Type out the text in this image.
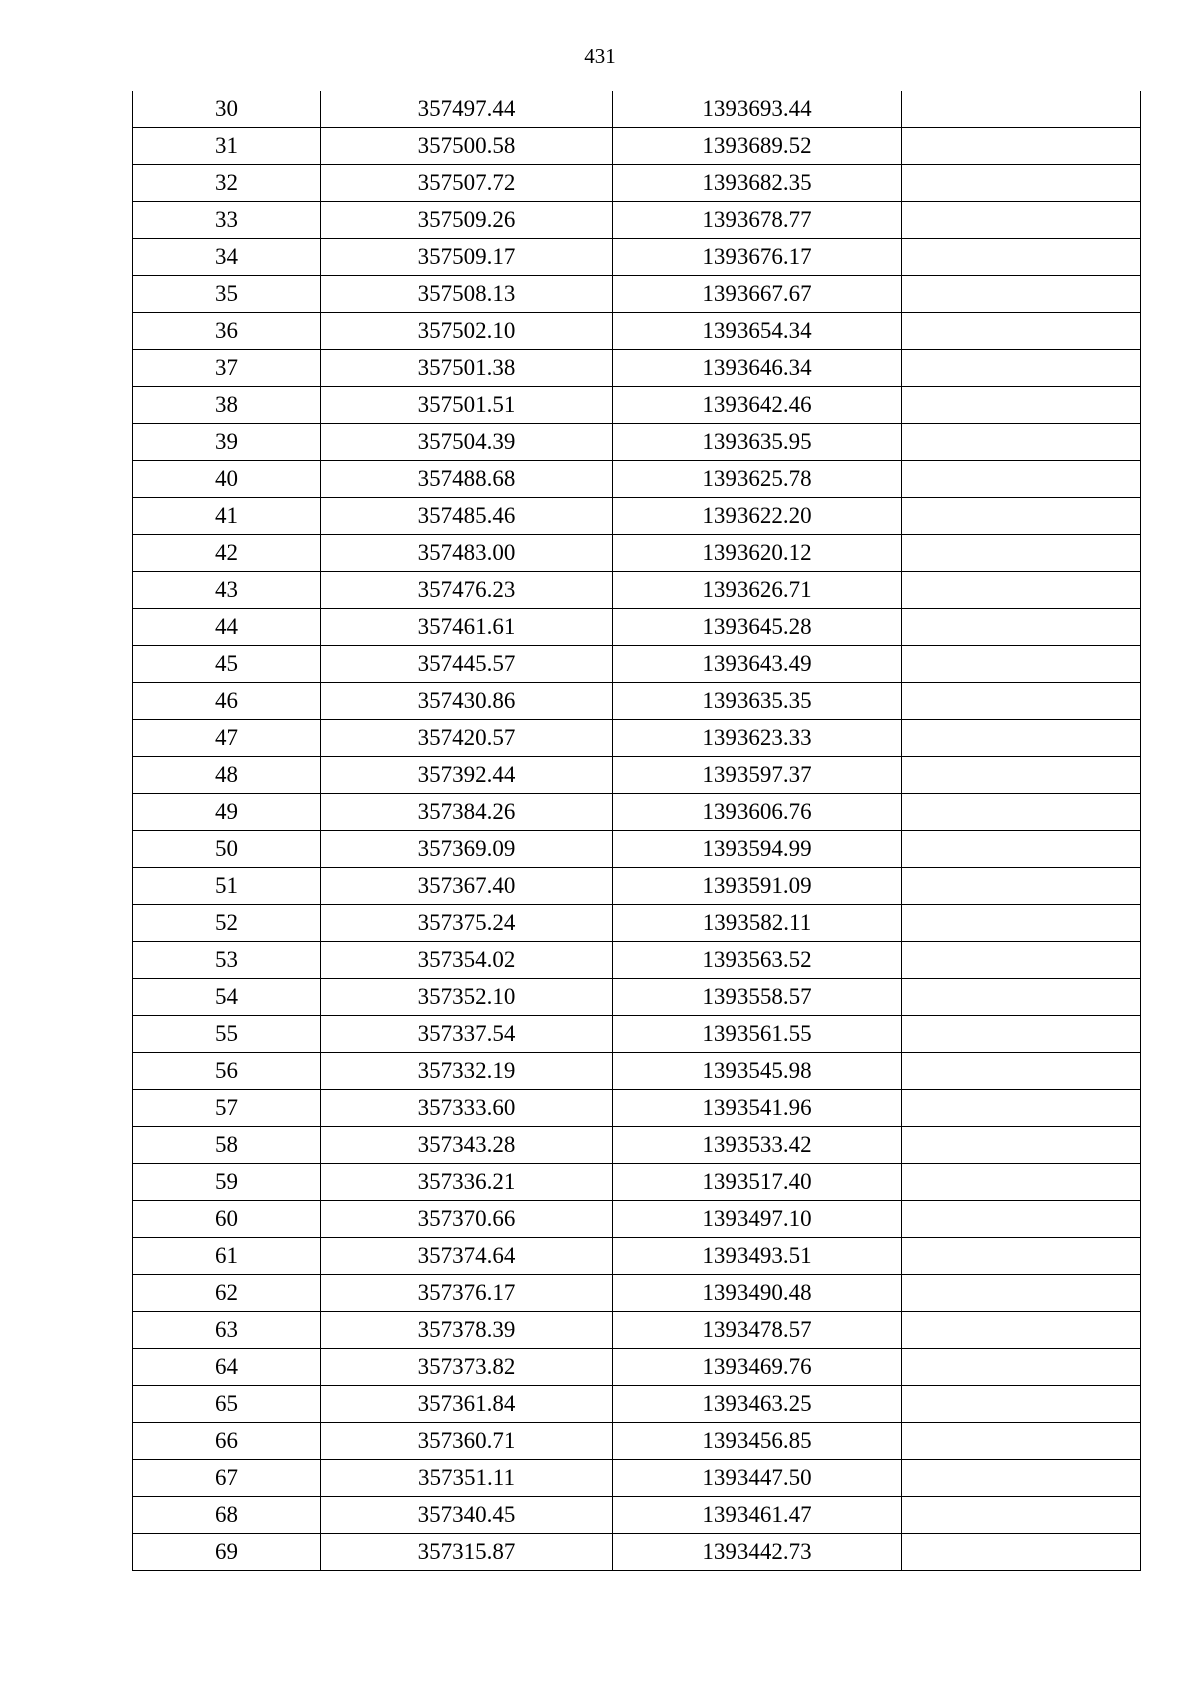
431
30	357497.44	1393693.44	
31	357500.58	1393689.52	
32	357507.72	1393682.35	
33	357509.26	1393678.77	
34	357509.17	1393676.17	
35	357508.13	1393667.67	
36	357502.10	1393654.34	
37	357501.38	1393646.34	
38	357501.51	1393642.46	
39	357504.39	1393635.95	
40	357488.68	1393625.78	
41	357485.46	1393622.20	
42	357483.00	1393620.12	
43	357476.23	1393626.71	
44	357461.61	1393645.28	
45	357445.57	1393643.49	
46	357430.86	1393635.35	
47	357420.57	1393623.33	
48	357392.44	1393597.37	
49	357384.26	1393606.76	
50	357369.09	1393594.99	
51	357367.40	1393591.09	
52	357375.24	1393582.11	
53	357354.02	1393563.52	
54	357352.10	1393558.57	
55	357337.54	1393561.55	
56	357332.19	1393545.98	
57	357333.60	1393541.96	
58	357343.28	1393533.42	
59	357336.21	1393517.40	
60	357370.66	1393497.10	
61	357374.64	1393493.51	
62	357376.17	1393490.48	
63	357378.39	1393478.57	
64	357373.82	1393469.76	
65	357361.84	1393463.25	
66	357360.71	1393456.85	
67	357351.11	1393447.50	
68	357340.45	1393461.47	
69	357315.87	1393442.73	
